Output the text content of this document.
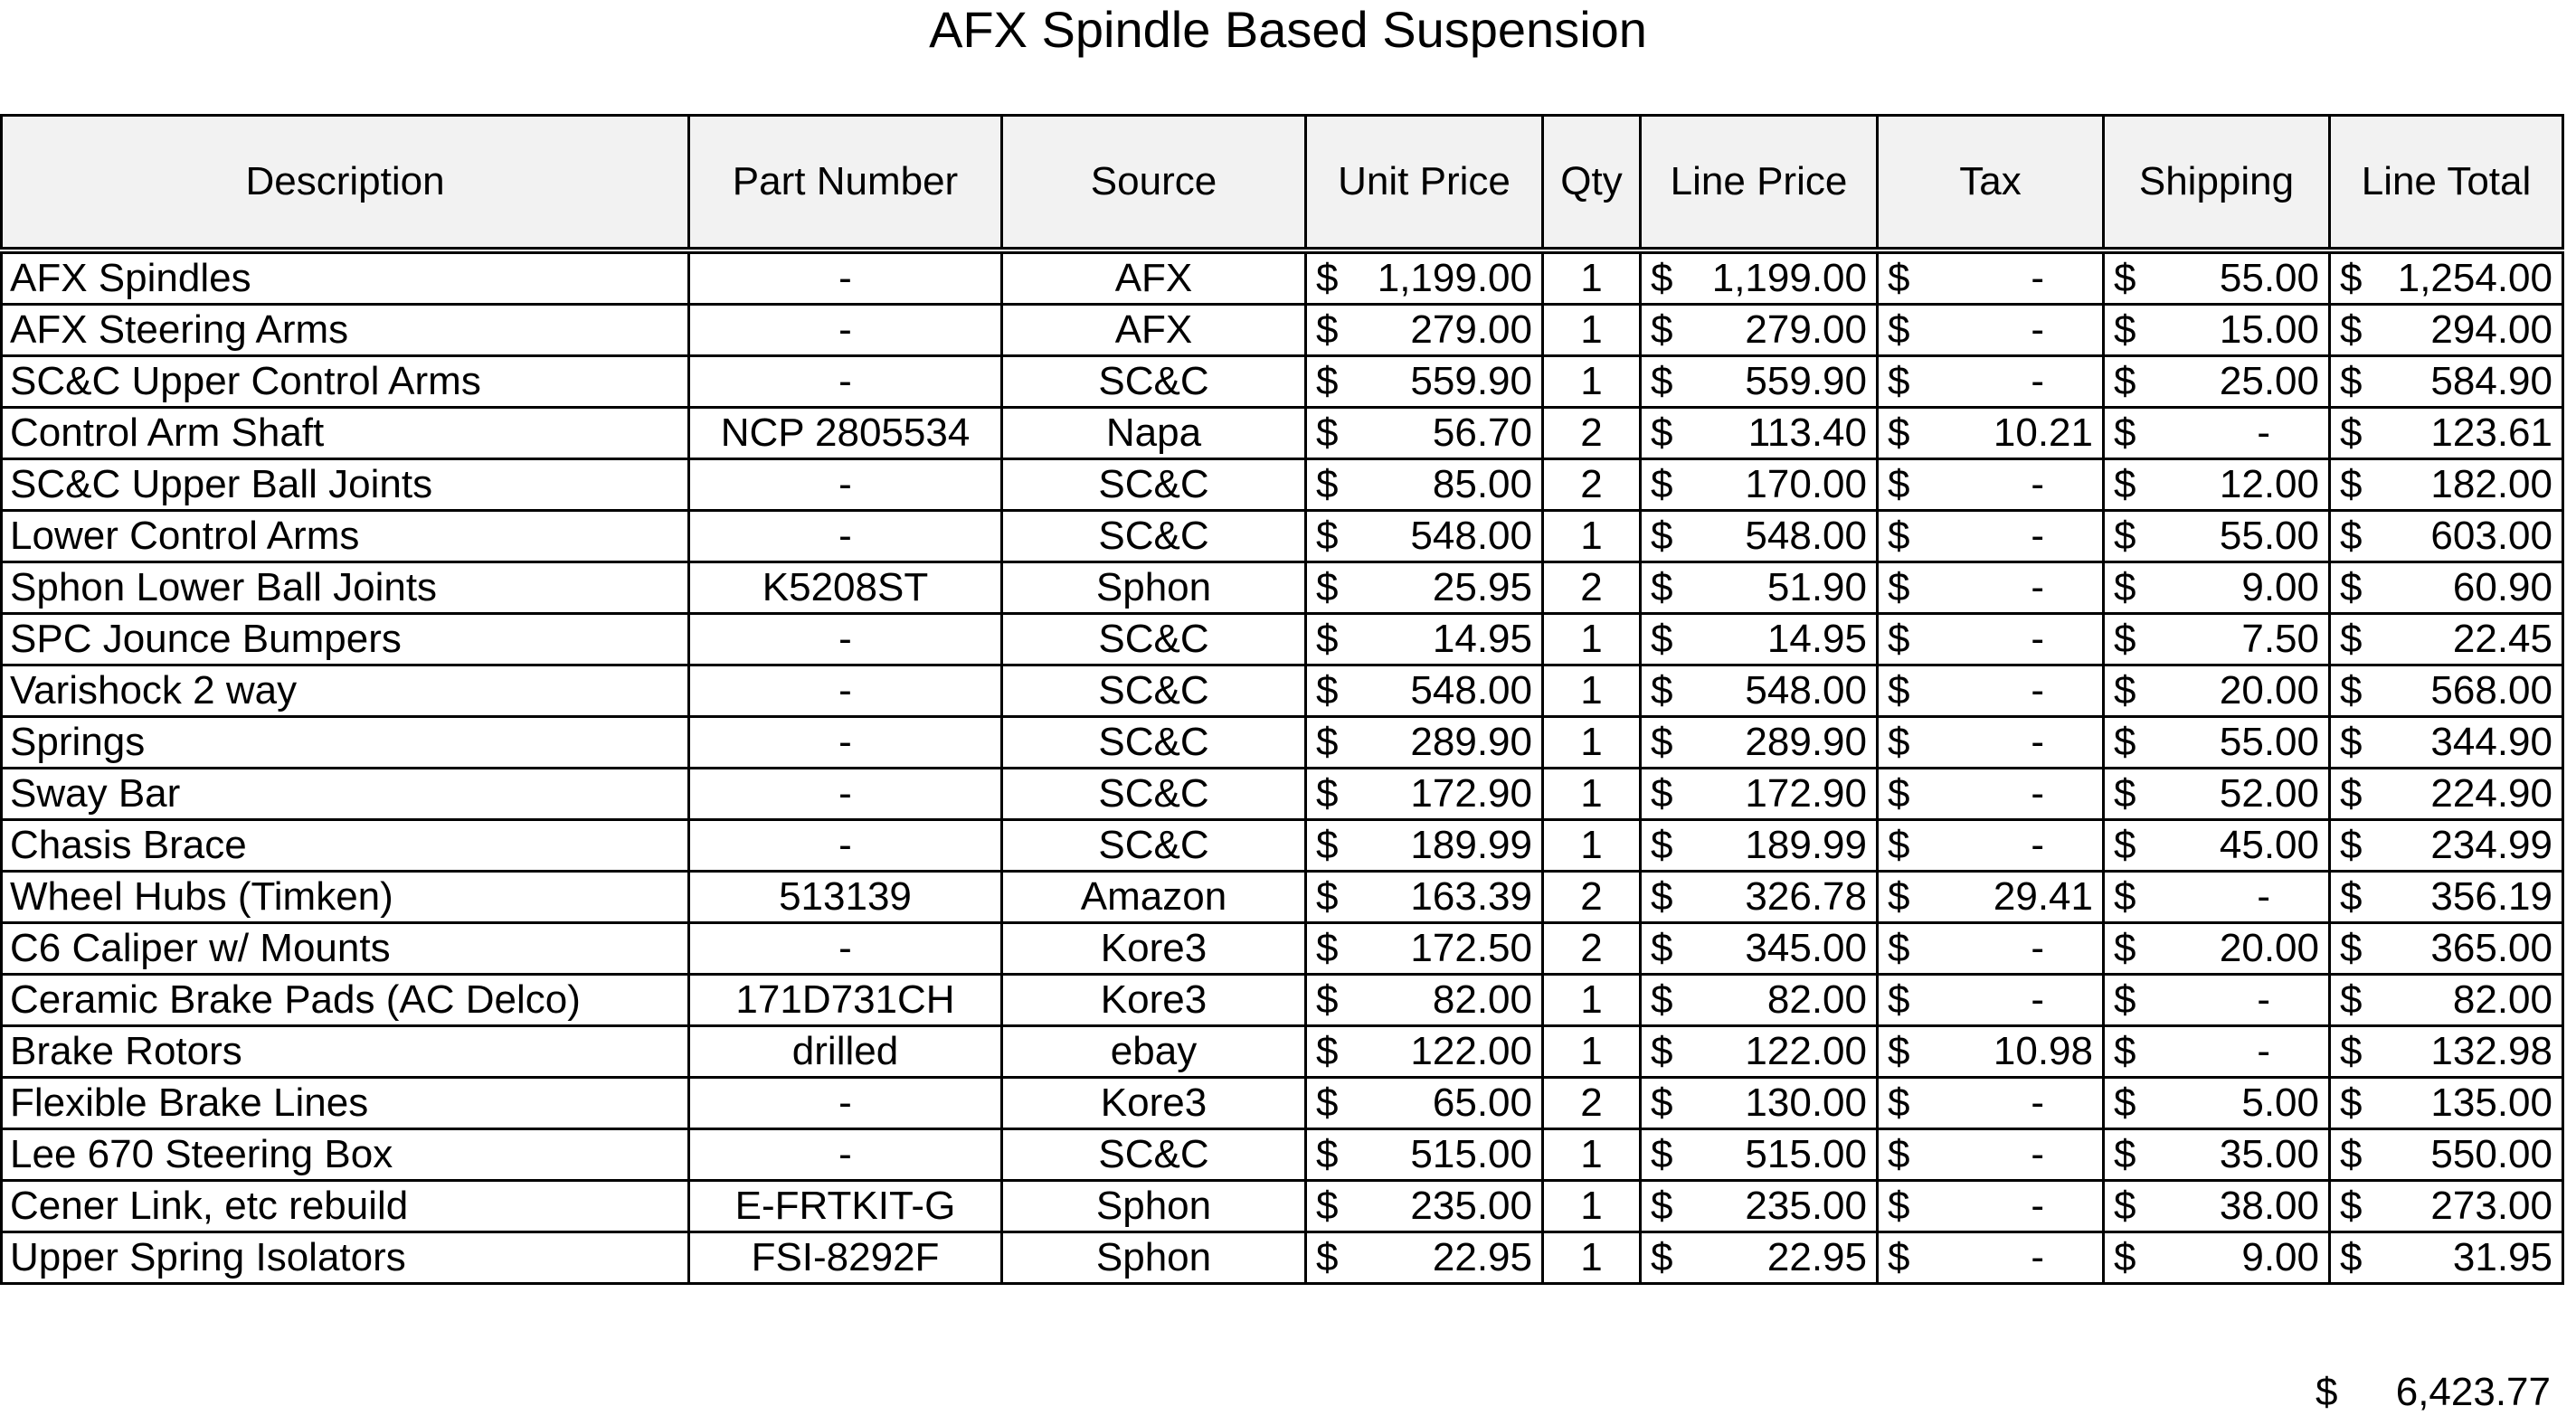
AFX Spindle Based Suspension
Description	Part Number	Source	Unit Price	Qty	Line Price	Tax	Shipping	Line Total
AFX Spindles	-	AFX	$ 1,199.00	1	$ 1,199.00	$ -	$ 55.00	$ 1,254.00

AFX Steering Arms	-	AFX	$ 279.00	1	$ 279.00	$ -	$ 15.00	$ 294.00

SC&C Upper Control Arms	-	SC&C	$ 559.90	1	$ 559.90	$ -	$ 25.00	$ 584.90

Control Arm Shaft	NCP 2805534	Napa	$ 56.70	2	$ 113.40	$ 10.21	$ -	$ 123.61

SC&C Upper Ball Joints	-	SC&C	$ 85.00	2	$ 170.00	$ -	$ 12.00	$ 182.00

Lower Control Arms	-	SC&C	$ 548.00	1	$ 548.00	$ -	$ 55.00	$ 603.00

Sphon Lower Ball Joints	K5208ST	Sphon	$ 25.95	2	$ 51.90	$ -	$ 9.00	$ 60.90

SPC Jounce Bumpers	-	SC&C	$ 14.95	1	$ 14.95	$ -	$ 7.50	$ 22.45

Varishock 2 way	-	SC&C	$ 548.00	1	$ 548.00	$ -	$ 20.00	$ 568.00

Springs	-	SC&C	$ 289.90	1	$ 289.90	$ -	$ 55.00	$ 344.90

Sway Bar	-	SC&C	$ 172.90	1	$ 172.90	$ -	$ 52.00	$ 224.90

Chasis Brace	-	SC&C	$ 189.99	1	$ 189.99	$ -	$ 45.00	$ 234.99

Wheel Hubs (Timken)	513139	Amazon	$ 163.39	2	$ 326.78	$ 29.41	$ -	$ 356.19

C6 Caliper w/ Mounts	-	Kore3	$ 172.50	2	$ 345.00	$ -	$ 20.00	$ 365.00

Ceramic Brake Pads (AC Delco)	171D731CH	Kore3	$ 82.00	1	$ 82.00	$ -	$ -	$ 82.00

Brake Rotors	drilled	ebay	$ 122.00	1	$ 122.00	$ 10.98	$ -	$ 132.98

Flexible Brake Lines	-	Kore3	$ 65.00	2	$ 130.00	$ -	$ 5.00	$ 135.00

Lee 670 Steering Box	-	SC&C	$ 515.00	1	$ 515.00	$ -	$ 35.00	$ 550.00

Cener Link, etc rebuild	E-FRTKIT-G	Sphon	$ 235.00	1	$ 235.00	$ -	$ 38.00	$ 273.00

Upper Spring Isolators	FSI-8292F	Sphon	$ 22.95	1	$ 22.95	$ -	$ 9.00	$ 31.95
$ 6,423.77
